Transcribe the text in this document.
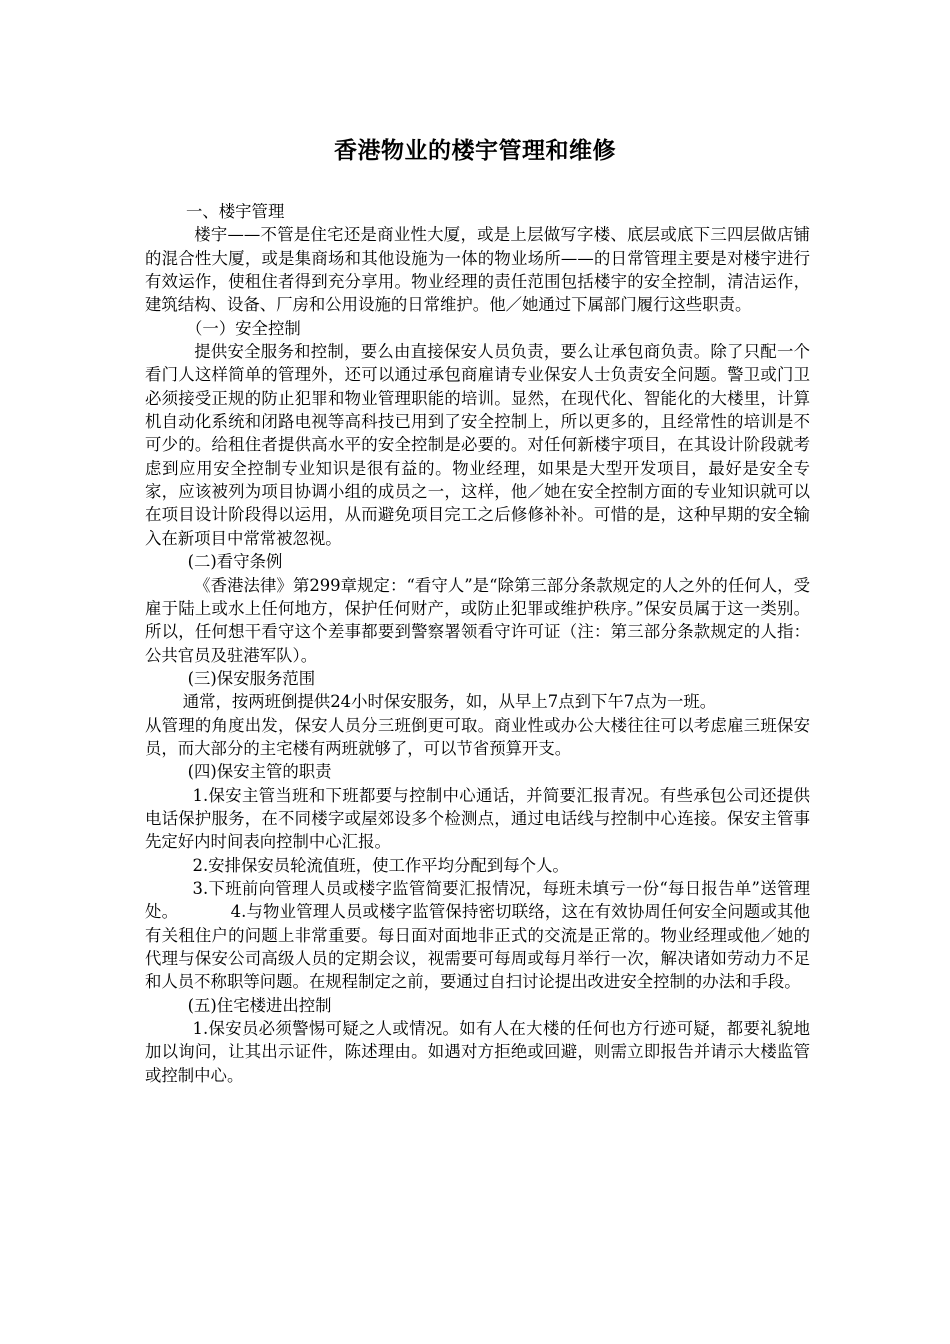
香港物业的楼宇管理和维修

一、楼宇管理

楼宇——不管是住宅还是商业性大厦，或是上层做写字楼、底层或底下三四层做店铺的混合性大厦，或是集商场和其他设施为一体的物业场所——的日常管理主要是对楼宇进行有效运作，使租住者得到充分享用。物业经理的责任范围包括楼宇的安全控制，清洁运作，建筑结构、设备、厂房和公用设施的日常维护。他／她通过下属部门履行这些职责。

（一）安全控制

提供安全服务和控制，要么由直接保安人员负责，要么让承包商负责。除了只配一个看门人这样简单的管理外，还可以通过承包商雇请专业保安人士负责安全问题。警卫或门卫必须接受正规的防止犯罪和物业管理职能的培训。显然，在现代化、智能化的大楼里，计算机自动化系统和闭路电视等高科技已用到了安全控制上，所以更多的，且经常性的培训是不可少的。给租住者提供高水平的安全控制是必要的。对任何新楼宇项目，在其设计阶段就考虑到应用安全控制专业知识是很有益的。物业经理，如果是大型开发项目，最好是安全专家，应该被列为项目协调小组的成员之一，这样，他／她在安全控制方面的专业知识就可以在项目设计阶段得以运用，从而避免项目完工之后修修补补。可惜的是，这种早期的安全输入在新项目中常常被忽视。

(二)看守条例

《香港法律》第299章规定：“看守人”是“除第三部分条款规定的人之外的任何人，受雇于陆上或水上任何地方，保护任何财产，或防止犯罪或维护秩序。”保安员属于这一类别。所以，任何想干看守这个差事都要到警察署领看守许可证（注：第三部分条款规定的人指：公共官员及驻港军队）。

(三)保安服务范围

通常，按两班倒提供24小时保安服务，如，从早上7点到下午7点为一班。

从管理的角度出发，保安人员分三班倒更可取。商业性或办公大楼往往可以考虑雇三班保安员，而大部分的主宅楼有两班就够了，可以节省预算开支。

(四)保安主管的职责

1.保安主管当班和下班都要与控制中心通话，并简要汇报青况。有些承包公司还提供电话保护服务，在不同楼字或屋郊设多个检测点，通过电话线与控制中心连接。保安主管事先定好内时间表向控制中心汇报。

2.安排保安员轮流值班，使工作平均分配到每个人。

3.下班前向管理人员或楼字监管简要汇报情况，每班未填亏一份“每日报告单”送管理处。	4.与物业管理人员或楼字监管保持密切联络，这在有效协周任何安全问题或其他有关租住户的问题上非常重要。每日面对面地非正式的交流是正常的。物业经理或他／她的代理与保安公司高级人员的定期会议，视需要可每周或每月举行一次，解决诸如劳动力不足和人员不称职等问题。在规程制定之前，要通过自扫讨论提出改进安全控制的办法和手段。

(五)住宅楼进出控制

1.保安员必须警惕可疑之人或情况。如有人在大楼的任何也方行迹可疑，都要礼貌地加以询问，让其出示证件，陈述理由。如遇对方拒绝或回避，则需立即报告并请示大楼监管或控制中心。
